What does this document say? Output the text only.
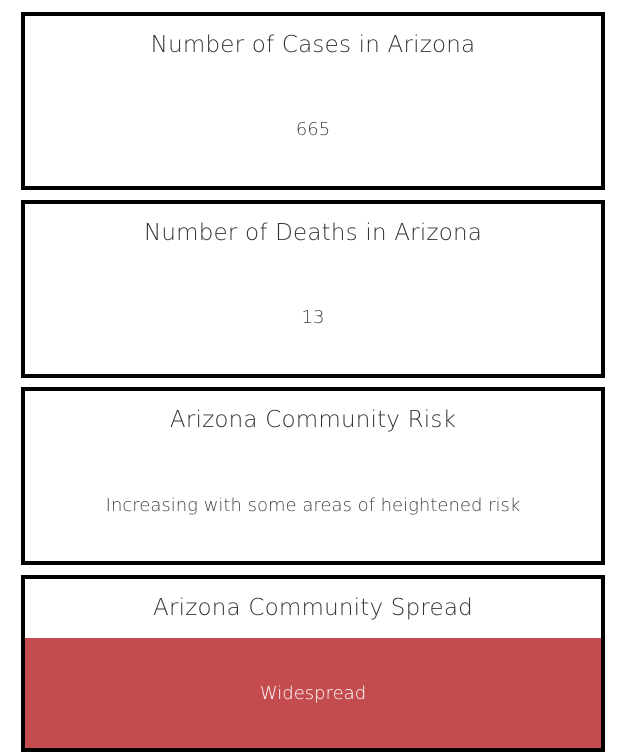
Number of Cases in Arizona
665
Number of Deaths in Arizona
13
Arizona Community Risk
Increasing with some areas of heightened risk
Arizona Community Spread
Widespread
